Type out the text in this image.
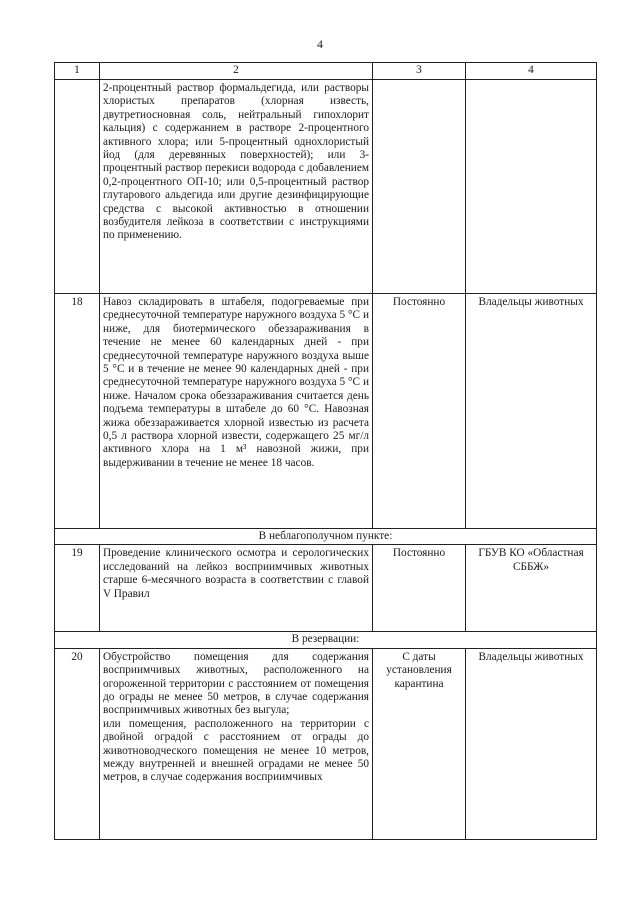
4
1	2	3	4
	2-процентный раствор формальдегида, или растворы хлористых препаратов (хлорная известь, двутретиосновная соль, нейтральный гипохлорит кальция) с содержанием в растворе 2-процентного активного хлора; или 5-процентный однохлористый йод (для деревянных поверхностей); или 3-процентный раствор перекиси водорода с добавлением 0,2-процентного ОП-10; или 0,5-процентный раствор глутарового альдегида или другие дезинфицирующие средства с высокой активностью в отношении возбудителя лейкоза в соответствии с инструкциями по применению.		
18	Навоз складировать в штабеля, подогреваемые при среднесуточной температуре наружного воздуха 5 °С и ниже, для биотермического обеззараживания в течение не менее 60 календарных дней - при среднесуточной температуре наружного воздуха выше 5 °С и в течение не менее 90 календарных дней - при среднесуточной температуре наружного воздуха 5 °С и ниже. Началом срока обеззараживания считается день подъема температуры в штабеле до 60 °С. Навозная жижа обеззараживается хлорной известью из расчета 0,5 л раствора хлорной извести, содержащего 25 мг/л активного хлора на 1 м³ навозной жижи, при выдерживании в течение не менее 18 часов.	Постоянно	Владельцы животных
В неблагополучном пункте:			
19	Проведение клинического осмотра и серологических исследований на лейкоз восприимчивых животных старше 6-месячного возраста в соответствии с главой V Правил	Постоянно	ГБУВ КО «Областная СББЖ»
В резервации:			
20	Обустройство помещения для содержания восприимчивых животных, расположенного на огороженной территории с расстоянием от помещения до ограды не менее 50 метров, в случае содержания восприимчивых животных без выгула;
или помещения, расположенного на территории с двойной оградой с расстоянием от ограды до животноводческого помещения не менее 10 метров, между внутренней и внешней оградами не менее 50 метров, в случае содержания восприимчивых	С даты установления карантина	Владельцы животных
